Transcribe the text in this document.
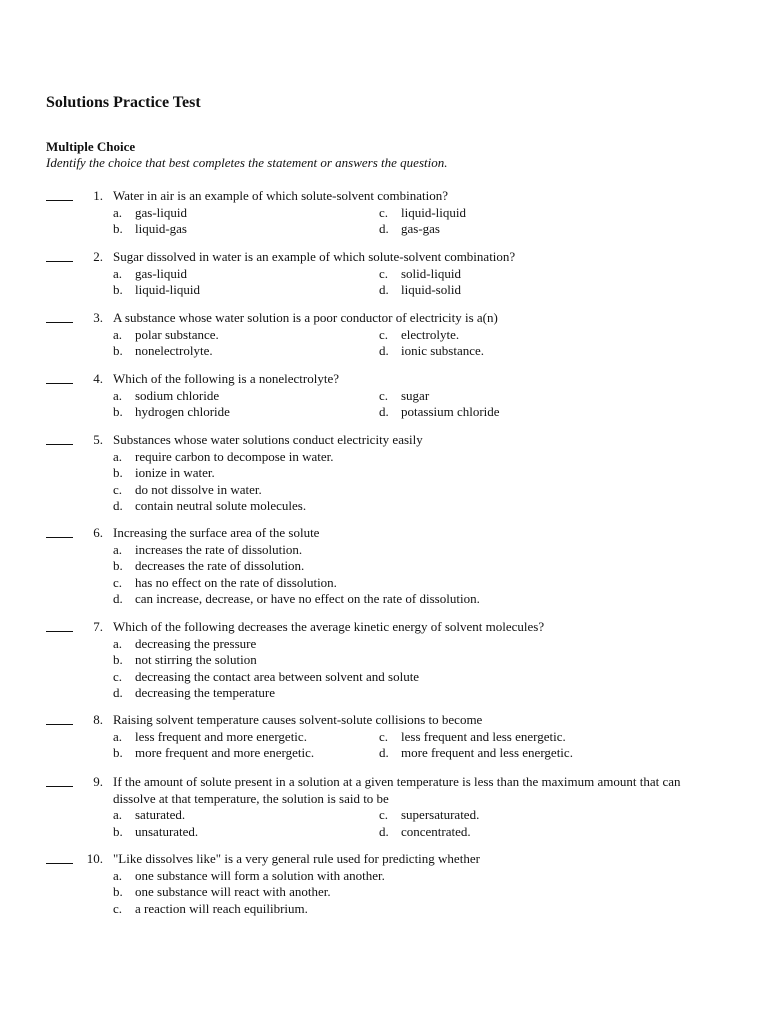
Solutions Practice Test
Multiple Choice
Identify the choice that best completes the statement or answers the question.
1. Water in air is an example of which solute-solvent combination?
a. gas-liquid
b. liquid-gas
c. liquid-liquid
d. gas-gas
2. Sugar dissolved in water is an example of which solute-solvent combination?
a. gas-liquid
b. liquid-liquid
c. solid-liquid
d. liquid-solid
3. A substance whose water solution is a poor conductor of electricity is a(n)
a. polar substance.
b. nonelectrolyte.
c. electrolyte.
d. ionic substance.
4. Which of the following is a nonelectrolyte?
a. sodium chloride
b. hydrogen chloride
c. sugar
d. potassium chloride
5. Substances whose water solutions conduct electricity easily
a. require carbon to decompose in water.
b. ionize in water.
c. do not dissolve in water.
d. contain neutral solute molecules.
6. Increasing the surface area of the solute
a. increases the rate of dissolution.
b. decreases the rate of dissolution.
c. has no effect on the rate of dissolution.
d. can increase, decrease, or have no effect on the rate of dissolution.
7. Which of the following decreases the average kinetic energy of solvent molecules?
a. decreasing the pressure
b. not stirring the solution
c. decreasing the contact area between solvent and solute
d. decreasing the temperature
8. Raising solvent temperature causes solvent-solute collisions to become
a. less frequent and more energetic.
b. more frequent and more energetic.
c. less frequent and less energetic.
d. more frequent and less energetic.
9. If the amount of solute present in a solution at a given temperature is less than the maximum amount that can dissolve at that temperature, the solution is said to be
a. saturated.
b. unsaturated.
c. supersaturated.
d. concentrated.
10. "Like dissolves like" is a very general rule used for predicting whether
a. one substance will form a solution with another.
b. one substance will react with another.
c. a reaction will reach equilibrium.
